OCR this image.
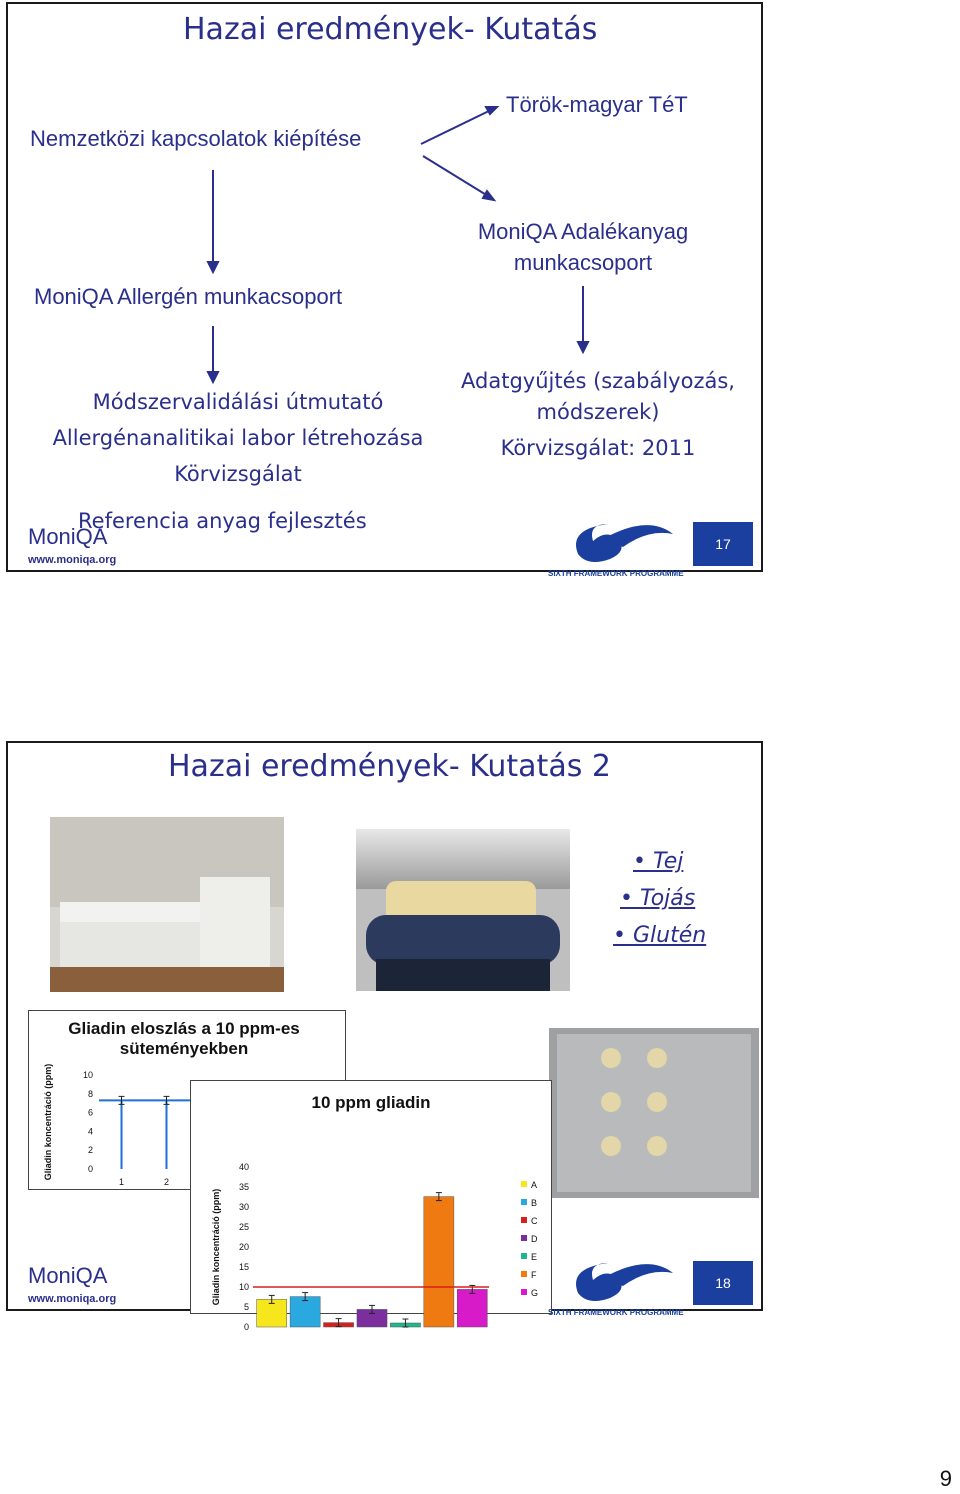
Hazai eredmények- Kutatás
Nemzetközi kapcsolatok kiépítése
Török-magyar TéT
MoniQA Adalékanyag
munkacsoport
MoniQA Allergén munkacsoport
Módszervalidálási útmutató
Allergénanalitikai labor létrehozása
Körvizsgálat
Adatgyűjtés (szabályozás,
módszerek)
Körvizsgálat: 2011
Referencia anyag fejlesztés
MoniQA
www.moniqa.org
SIXTH FRAMEWORK PROGRAMME
17
Hazai eredmények- Kutatás 2
• Tej
• Tojás
• Glutén
Gliadin eloszlás a 10 ppm-es süteményekben
Gliadin koncentráció (ppm)	0
2
4
6
8
10
1	2
10 ppm gliadin
Gliadin koncentráció (ppm)
0
5
10
15
20
25
30
35
40
A
B
C
D
E
F
G
MoniQA
www.moniqa.org
SIXTH FRAMEWORK PROGRAMME
18
9
